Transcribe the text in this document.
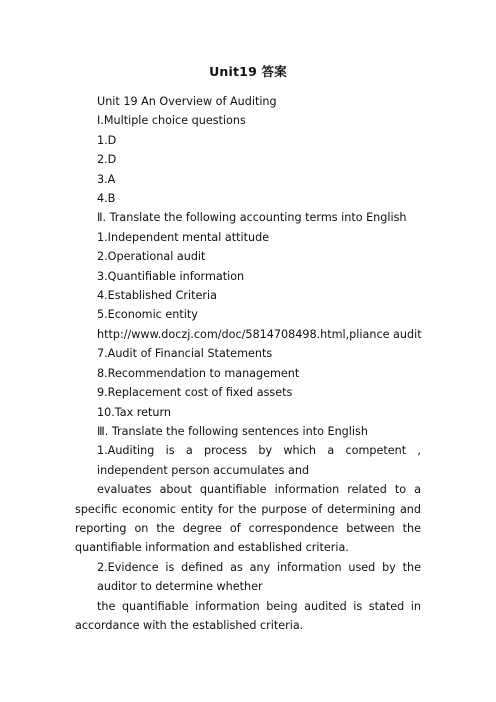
Unit19 答案
Unit 19 An Overview of Auditing
Ⅰ.Multiple choice questions
1.D
2.D
3.A
4.B
Ⅱ. Translate the following accounting terms into English
1.Independent mental attitude
2.Operational audit
3.Quantifiable information
4.Established Criteria
5.Economic entity
http://www.doczj.com/doc/5814708498.html,pliance audit
7.Audit of Financial Statements
8.Recommendation to management
9.Replacement cost of fixed assets
10.Tax return
Ⅲ. Translate the following sentences into English
1.Auditing is a process by which a competent , independent person accumulates and
evaluates about quantifiable information related to a specific economic entity for the purpose of determining and reporting on the degree of correspondence between the quantifiable information and established criteria.
2.Evidence is defined as any information used by the auditor to determine whether
the quantifiable information being audited is stated in accordance with the established criteria.
